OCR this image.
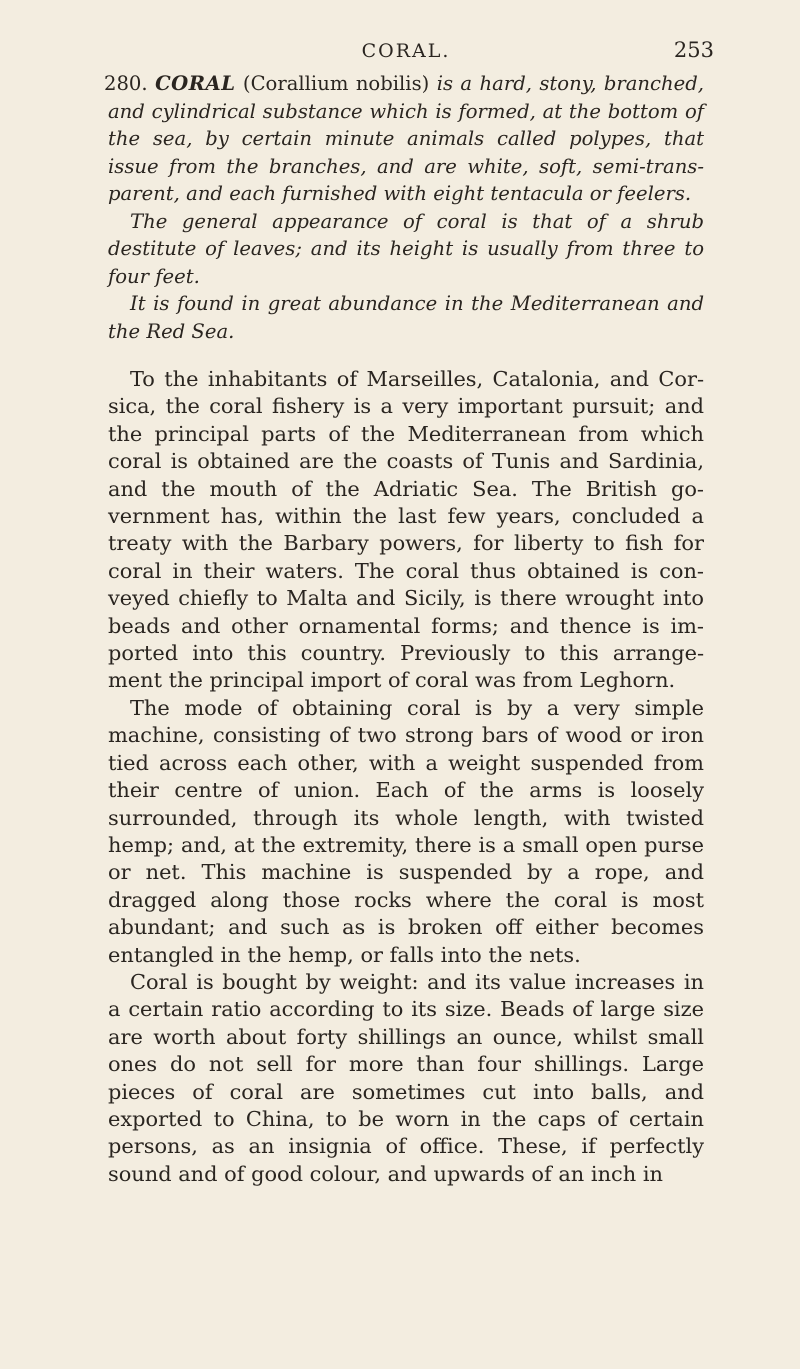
CORAL.	253

280. CORAL (Corallium nobilis) is a hard, stony, branched, and cylindrical substance which is formed, at the bottom of the sea, by certain minute animals called polypes, that issue from the branches, and are white, soft, semi-trans-parent, and each furnished with eight tentacula or feelers.

The general appearance of coral is that of a shrub destitute of leaves; and its height is usually from three to four feet.

It is found in great abundance in the Mediterranean and the Red Sea.

To the inhabitants of Marseilles, Catalonia, and Cor-sica, the coral fishery is a very important pursuit; and the principal parts of the Mediterranean from which coral is obtained are the coasts of Tunis and Sardinia, and the mouth of the Adriatic Sea. The British go-vernment has, within the last few years, concluded a treaty with the Barbary powers, for liberty to fish for coral in their waters. The coral thus obtained is con-veyed chiefly to Malta and Sicily, is there wrought into beads and other ornamental forms; and thence is im-ported into this country. Previously to this arrange-ment the principal import of coral was from Leghorn.

The mode of obtaining coral is by a very simple machine, consisting of two strong bars of wood or iron tied across each other, with a weight suspended from their centre of union. Each of the arms is loosely surrounded, through its whole length, with twisted hemp; and, at the extremity, there is a small open purse or net. This machine is suspended by a rope, and dragged along those rocks where the coral is most abundant; and such as is broken off either becomes entangled in the hemp, or falls into the nets.

Coral is bought by weight: and its value increases in a certain ratio according to its size. Beads of large size are worth about forty shillings an ounce, whilst small ones do not sell for more than four shillings. Large pieces of coral are sometimes cut into balls, and exported to China, to be worn in the caps of certain persons, as an insignia of office. These, if perfectly sound and of good colour, and upwards of an inch in
